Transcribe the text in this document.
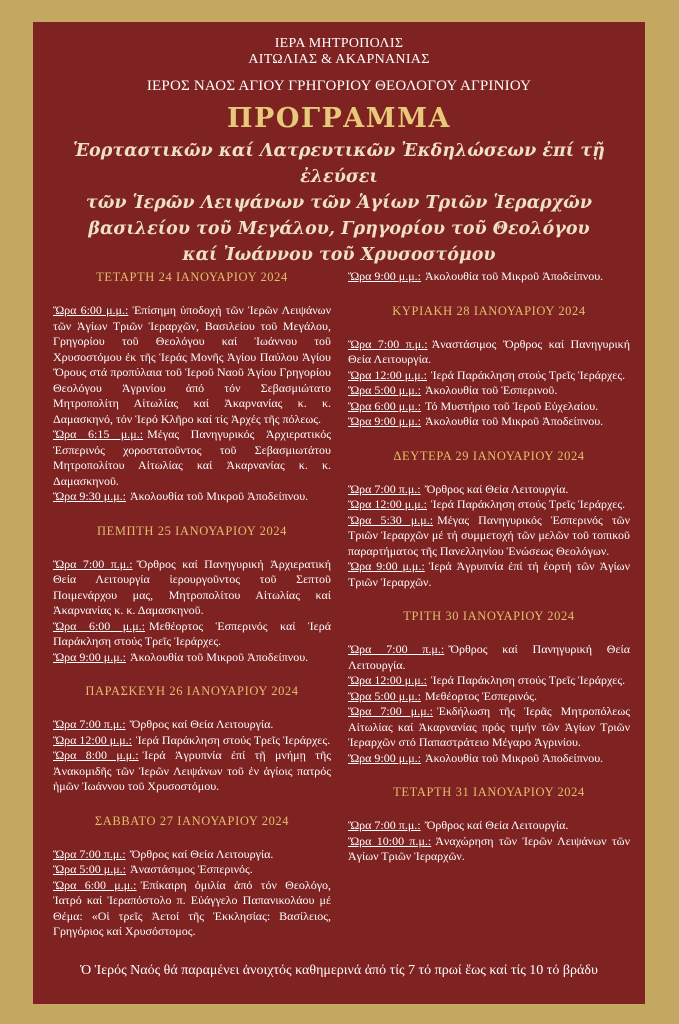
ΙΕΡΑ ΜΗΤΡΟΠΟΛΙΣ
ΑΙΤΩΛΙΑΣ & ΑΚΑΡΝΑΝΙΑΣ
ΙΕΡΟΣ ΝΑΟΣ ΑΓΙΟΥ ΓΡΗΓΟΡΙΟΥ ΘΕΟΛΟΓΟΥ ΑΓΡΙΝΙΟΥ
ΠΡΟΓΡΑΜΜΑ
Ἑορταστικῶν καί Λατρευτικῶν Ἐκδηλώσεων ἐπί τῇ ἐλεύσει
τῶν Ἱερῶν Λειψάνων τῶν Ἁγίων Τριῶν Ἱεραρχῶν
βασιλείου τοῦ Μεγάλου, Γρηγορίου τοῦ Θεολόγου
καί Ἰωάννου τοῦ Χρυσοστόμου
ΤΕΤΑΡΤΗ 24 ΙΑΝΟΥΑΡΙΟΥ 2024

Ὥρα 6:00 μ.μ.: Ἐπίσημη ὑποδοχή τῶν Ἱερῶν Λειψάνων τῶν Ἁγίων Τριῶν Ἱεραρχῶν, Βασιλείου τοῦ Μεγάλου, Γρηγορίου τοῦ Θεολόγου καί Ἰωάννου τοῦ Χρυσοστόμου ἐκ τῆς Ἱεράς Μονῆς Ἁγίου Παύλου Ἁγίου Ὄρους στά προπύλαια τοῦ Ἱεροῦ Ναοῦ Ἁγίου Γρηγορίου Θεολόγου Ἀγρινίου ἀπό τόν Σεβασμιώτατο Μητροπολίτη Αἰτωλίας καί Ἀκαρνανίας κ. κ. Δαμασκηνό, τόν Ἱερό Κλῆρο καί τίς Ἀρχές τῆς πόλεως.

Ὥρα 6:15 μ.μ.: Μέγας Πανηγυρικός Ἀρχιερατικός Ἑσπερινός χοροστατοῦντος τοῦ Σεβασμιωτάτου Μητροπολίτου Αἰτωλίας καί Ἀκαρνανίας κ. κ. Δαμασκηνοῦ.

Ὥρα 9:30 μ.μ.: Ἀκολουθία τοῦ Μικροῦ Ἀποδείπνου.

ΠΕΜΠΤΗ 25 ΙΑΝΟΥΑΡΙΟΥ 2024

Ὥρα 7:00 π.μ.: Ὄρθρος καί Πανηγυρική Ἀρχιερατική Θεία Λειτουργία ἱερουργοῦντος τοῦ Σεπτοῦ Ποιμενάρχου μας, Μητροπολίτου Αἰτωλίας καί Ἀκαρνανίας κ. κ. Δαμασκηνοῦ.

Ὥρα 6:00 μ.μ.: Μεθέορτος Ἑσπερινός καί Ἱερά Παράκληση στούς Τρεῖς Ἱεράρχες.

Ὥρα 9:00 μ.μ.: Ἀκολουθία τοῦ Μικροῦ Ἀποδείπνου.

ΠΑΡΑΣΚΕΥΗ 26 ΙΑΝΟΥΑΡΙΟΥ 2024

Ὥρα 7:00 π.μ.: Ὄρθρος καί Θεία Λειτουργία.

Ὥρα 12:00 μ.μ.: Ἱερά Παράκληση στούς Τρεῖς Ἱεράρχες.

Ὥρα 8:00 μ.μ.: Ἱερά Ἀγρυπνία ἐπί τῇ μνήμῃ τῆς Ἀνακομιδῆς τῶν Ἱερῶν Λειψάνων τοῦ ἐν ἁγίοις πατρός ἡμῶν Ἰωάννου τοῦ Χρυσοστόμου.

ΣΑΒΒΑΤΟ 27 ΙΑΝΟΥΑΡΙΟΥ 2024

Ὥρα 7:00 π.μ.: Ὄρθρος καί Θεία Λειτουργία.

Ὥρα 5:00 μ.μ.: Ἀναστάσιμος Ἑσπερινός.

Ὥρα 6:00 μ.μ.: Ἐπίκαιρη ὁμιλία ἀπό τόν Θεολόγο, Ἰατρό καί Ἱεραπόστολο π. Εὐάγγελο Παπανικολάου μέ Θέμα: «Οἱ τρεῖς Ἀετοί τῆς Ἐκκλησίας: Βασίλειος, Γρηγόριος καί Χρυσόστομος.

Ὥρα 9:00 μ.μ.: Ἀκολουθία τοῦ Μικροῦ Ἀποδείπνου.

ΚΥΡΙΑΚΗ 28 ΙΑΝΟΥΑΡΙΟΥ 2024

Ὥρα 7:00 π.μ.: Ἀναστάσιμος Ὄρθρος καί Πανηγυρική Θεία Λειτουργία.

Ὥρα 12:00 μ.μ.: Ἱερά Παράκληση στούς Τρεῖς Ἱεράρχες.

Ὥρα 5:00 μ.μ.: Ἀκολουθία τοῦ Ἑσπερινοῦ.

Ὥρα 6:00 μ.μ.: Τό Μυστήριο τοῦ Ἱεροῦ Εὐχελαίου.

Ὥρα 9:00 μ.μ.: Ἀκολουθία τοῦ Μικροῦ Ἀποδείπνου.

ΔΕΥΤΕΡΑ 29 ΙΑΝΟΥΑΡΙΟΥ 2024

Ὥρα 7:00 π.μ.: Ὄρθρος καί Θεία Λειτουργία.

Ὥρα 12:00 μ.μ.: Ἱερά Παράκληση στούς Τρεῖς Ἱεράρχες.

Ὥρα 5:30 μ.μ.: Μέγας Πανηγυρικός Ἑσπερινός τῶν Τριῶν Ἱεραρχῶν μέ τή συμμετοχή τῶν μελῶν τοῦ τοπικοῦ παραρτήματος τῆς Πανελληνίου Ἑνώσεως Θεολόγων.

Ὥρα 9:00 μ.μ.: Ἱερά Ἀγρυπνία ἐπί τή ἑορτή τῶν Ἁγίων Τριῶν Ἱεραρχῶν.

ΤΡΙΤΗ 30 ΙΑΝΟΥΑΡΙΟΥ 2024

Ὥρα 7:00 π.μ.: Ὄρθρος καί Πανηγυρική Θεία Λειτουργία.

Ὥρα 12:00 μ.μ.: Ἱερά Παράκληση στούς Τρεῖς Ἱεράρχες.

Ὥρα 5:00 μ.μ.: Μεθέορτος Ἑσπερινός.

Ὥρα 7:00 μ.μ.: Ἐκδήλωση τῆς Ἱερᾶς Μητροπόλεως Αἰτωλίας καί Ἀκαρνανίας πρός τιμήν τῶν Ἁγίων Τριῶν Ἱεραρχῶν στό Παπαστράτειο Μέγαρο Ἀγρινίου.

Ὥρα 9:00 μ.μ.: Ἀκολουθία τοῦ Μικροῦ Ἀποδείπνου.

ΤΕΤΑΡΤΗ 31 ΙΑΝΟΥΑΡΙΟΥ 2024

Ὥρα 7:00 π.μ.: Ὄρθρος καί Θεία Λειτουργία.

Ὥρα 10:00 π.μ.: Ἀναχώρηση τῶν Ἱερῶν Λειψάνων τῶν Ἁγίων Τριῶν Ἱεραρχῶν.

Ὁ Ἱερός Ναός θά παραμένει ἀνοιχτός καθημερινά ἀπό τίς 7 τό πρωί ἕως καί τίς 10 τό βράδυ
